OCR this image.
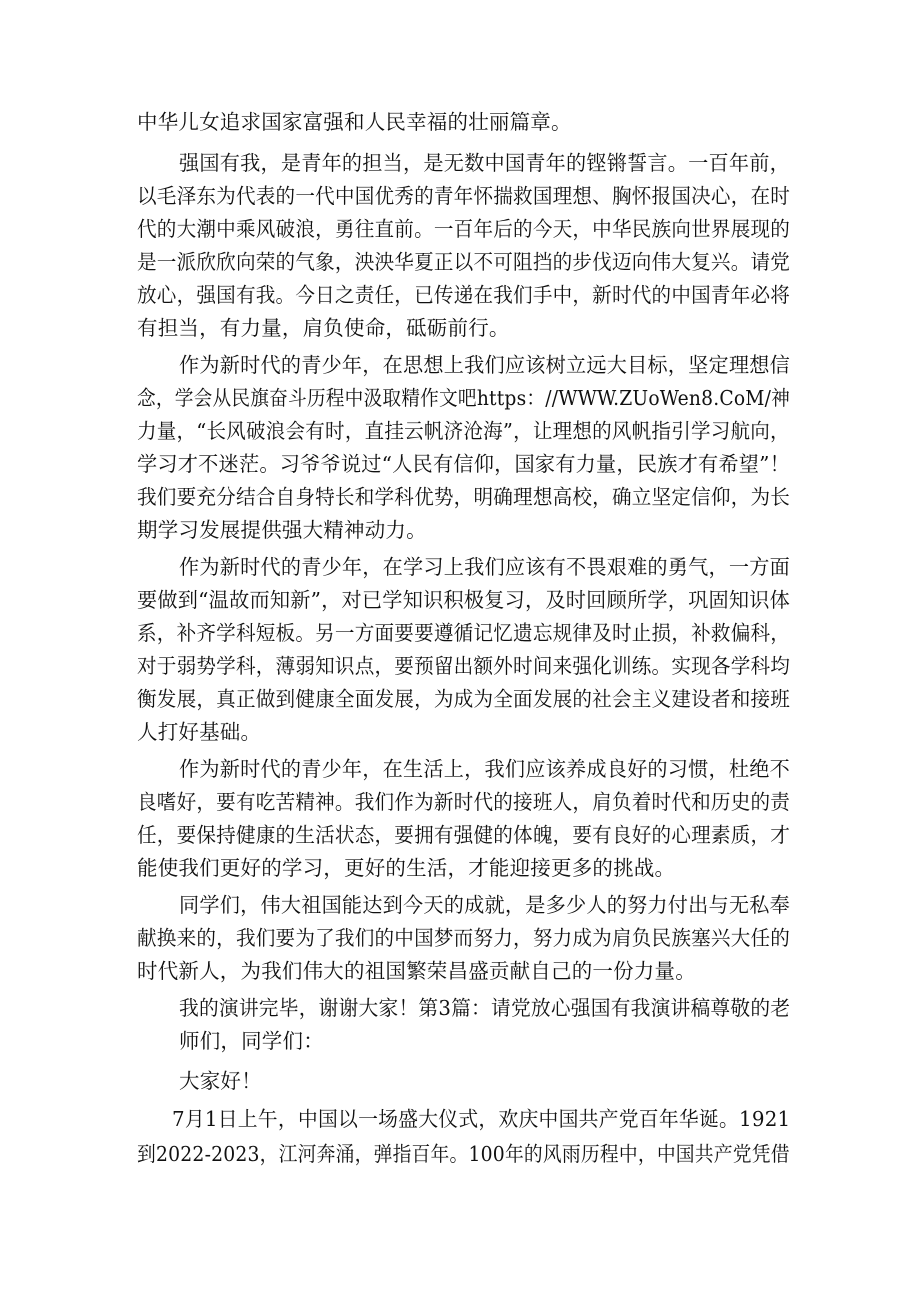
中华儿女追求国家富强和人民幸福的壮丽篇章。
强国有我，是青年的担当，是无数中国青年的铿锵誓言。一百年前，
以毛泽东为代表的一代中国优秀的青年怀揣救国理想、胸怀报国决心，在时
代的大潮中乘风破浪，勇往直前。一百年后的今天，中华民族向世界展现的
是一派欣欣向荣的气象，泱泱华夏正以不可阻挡的步伐迈向伟大复兴。请党
放心，强国有我。今日之责任，已传递在我们手中，新时代的中国青年必将
有担当，有力量，肩负使命，砥砺前行。
作为新时代的青少年，在思想上我们应该树立远大目标，坚定理想信
念，学会从民旗奋斗历程中汲取精作文吧https：//WWW.ZUoWen8.CoM/神
力量，“长风破浪会有时，直挂云帆济沧海”，让理想的风帆指引学习航向，
学习才不迷茫。习爷爷说过“人民有信仰，国家有力量，民族才有希望”！
我们要充分结合自身特长和学科优势，明确理想高校，确立坚定信仰，为长
期学习发展提供强大精神动力。
作为新时代的青少年，在学习上我们应该有不畏艰难的勇气，一方面
要做到“温故而知新”，对已学知识积极复习，及时回顾所学，巩固知识体
系，补齐学科短板。另一方面要要遵循记忆遗忘规律及时止损，补救偏科，
对于弱势学科，薄弱知识点，要预留出额外时间来强化训练。实现各学科均
衡发展，真正做到健康全面发展，为成为全面发展的社会主义建设者和接班
人打好基础。
作为新时代的青少年，在生活上，我们应该养成良好的习惯，杜绝不
良嗜好，要有吃苦精神。我们作为新时代的接班人，肩负着时代和历史的责
任，要保持健康的生活状态，要拥有强健的体魄，要有良好的心理素质，才
能使我们更好的学习，更好的生活，才能迎接更多的挑战。
同学们，伟大祖国能达到今天的成就，是多少人的努力付出与无私奉
献换来的，我们要为了我们的中国梦而努力，努力成为肩负民族塞兴大任的
时代新人，为我们伟大的祖国繁荣昌盛贡献自己的一份力量。
我的演讲完毕，谢谢大家！第3篇：请党放心强国有我演讲稿尊敬的老
师们，同学们：
大家好！
7月1日上午，中国以一场盛大仪式，欢庆中国共产党百年华诞。1921
到2022-2023，江河奔涌，弹指百年。100年的风雨历程中，中国共产党凭借
